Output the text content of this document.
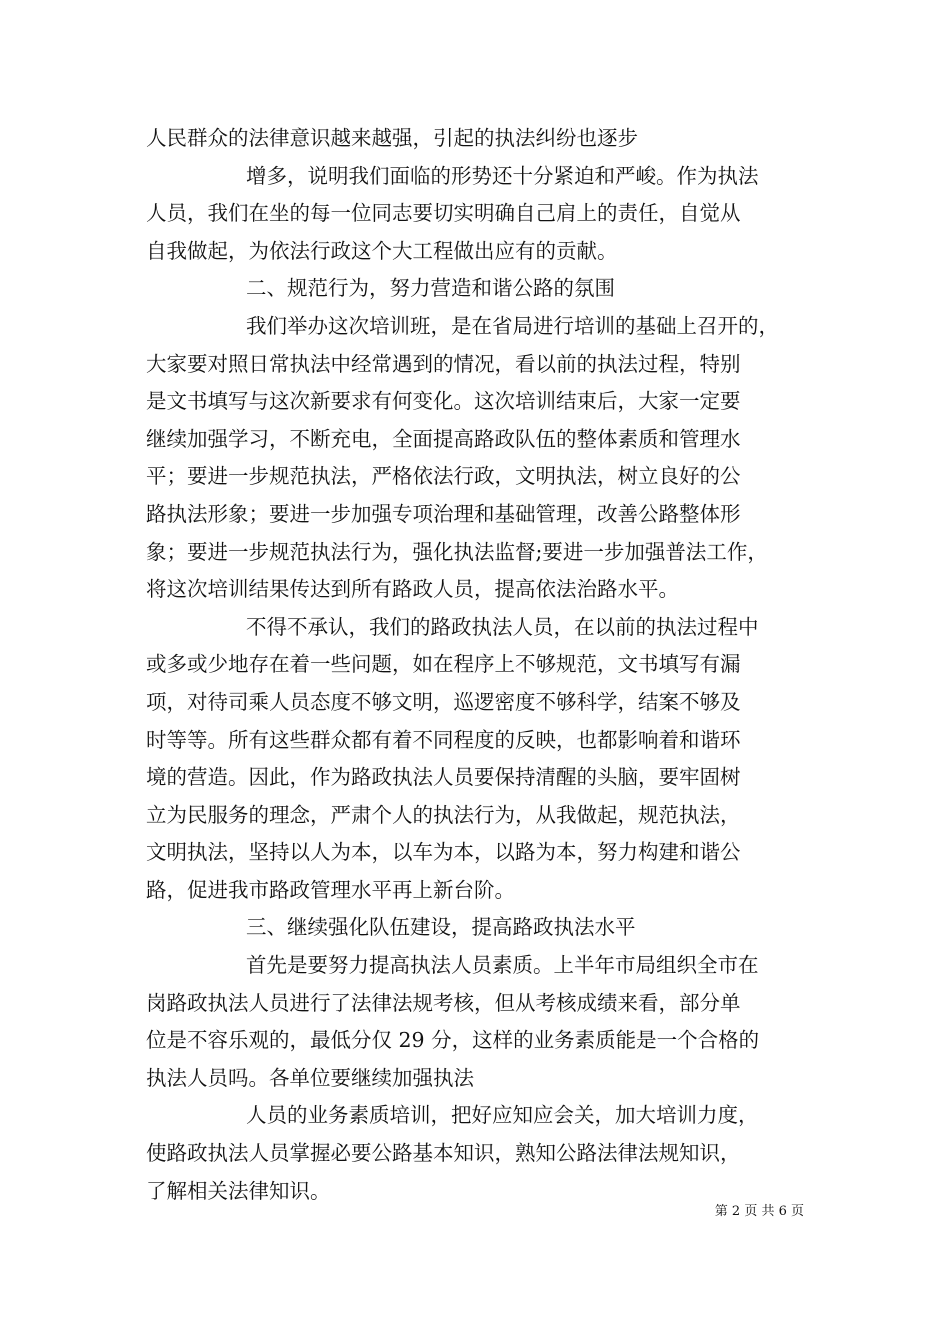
人民群众的法律意识越来越强，引起的执法纠纷也逐步
增多，说明我们面临的形势还十分紧迫和严峻。作为执法
人员，我们在坐的每一位同志要切实明确自己肩上的责任，自觉从
自我做起，为依法行政这个大工程做出应有的贡献。
二、规范行为，努力营造和谐公路的氛围
我们举办这次培训班，是在省局进行培训的基础上召开的，
大家要对照日常执法中经常遇到的情况，看以前的执法过程，特别
是文书填写与这次新要求有何变化。这次培训结束后，大家一定要
继续加强学习，不断充电，全面提高路政队伍的整体素质和管理水
平；要进一步规范执法，严格依法行政，文明执法，树立良好的公
路执法形象；要进一步加强专项治理和基础管理，改善公路整体形
象；要进一步规范执法行为，强化执法监督;要进一步加强普法工作，
将这次培训结果传达到所有路政人员，提高依法治路水平。
不得不承认，我们的路政执法人员，在以前的执法过程中
或多或少地存在着一些问题，如在程序上不够规范，文书填写有漏
项，对待司乘人员态度不够文明，巡逻密度不够科学，结案不够及
时等等。所有这些群众都有着不同程度的反映，也都影响着和谐环
境的营造。因此，作为路政执法人员要保持清醒的头脑，要牢固树
立为民服务的理念，严肃个人的执法行为，从我做起，规范执法，
文明执法，坚持以人为本，以车为本，以路为本，努力构建和谐公
路，促进我市路政管理水平再上新台阶。
三、继续强化队伍建设，提高路政执法水平
首先是要努力提高执法人员素质。上半年市局组织全市在
岗路政执法人员进行了法律法规考核，但从考核成绩来看，部分单
位是不容乐观的，最低分仅 29 分，这样的业务素质能是一个合格的
执法人员吗。各单位要继续加强执法
人员的业务素质培训，把好应知应会关，加大培训力度，
使路政执法人员掌握必要公路基本知识，熟知公路法律法规知识，
了解相关法律知识。
第 2 页 共 6 页
